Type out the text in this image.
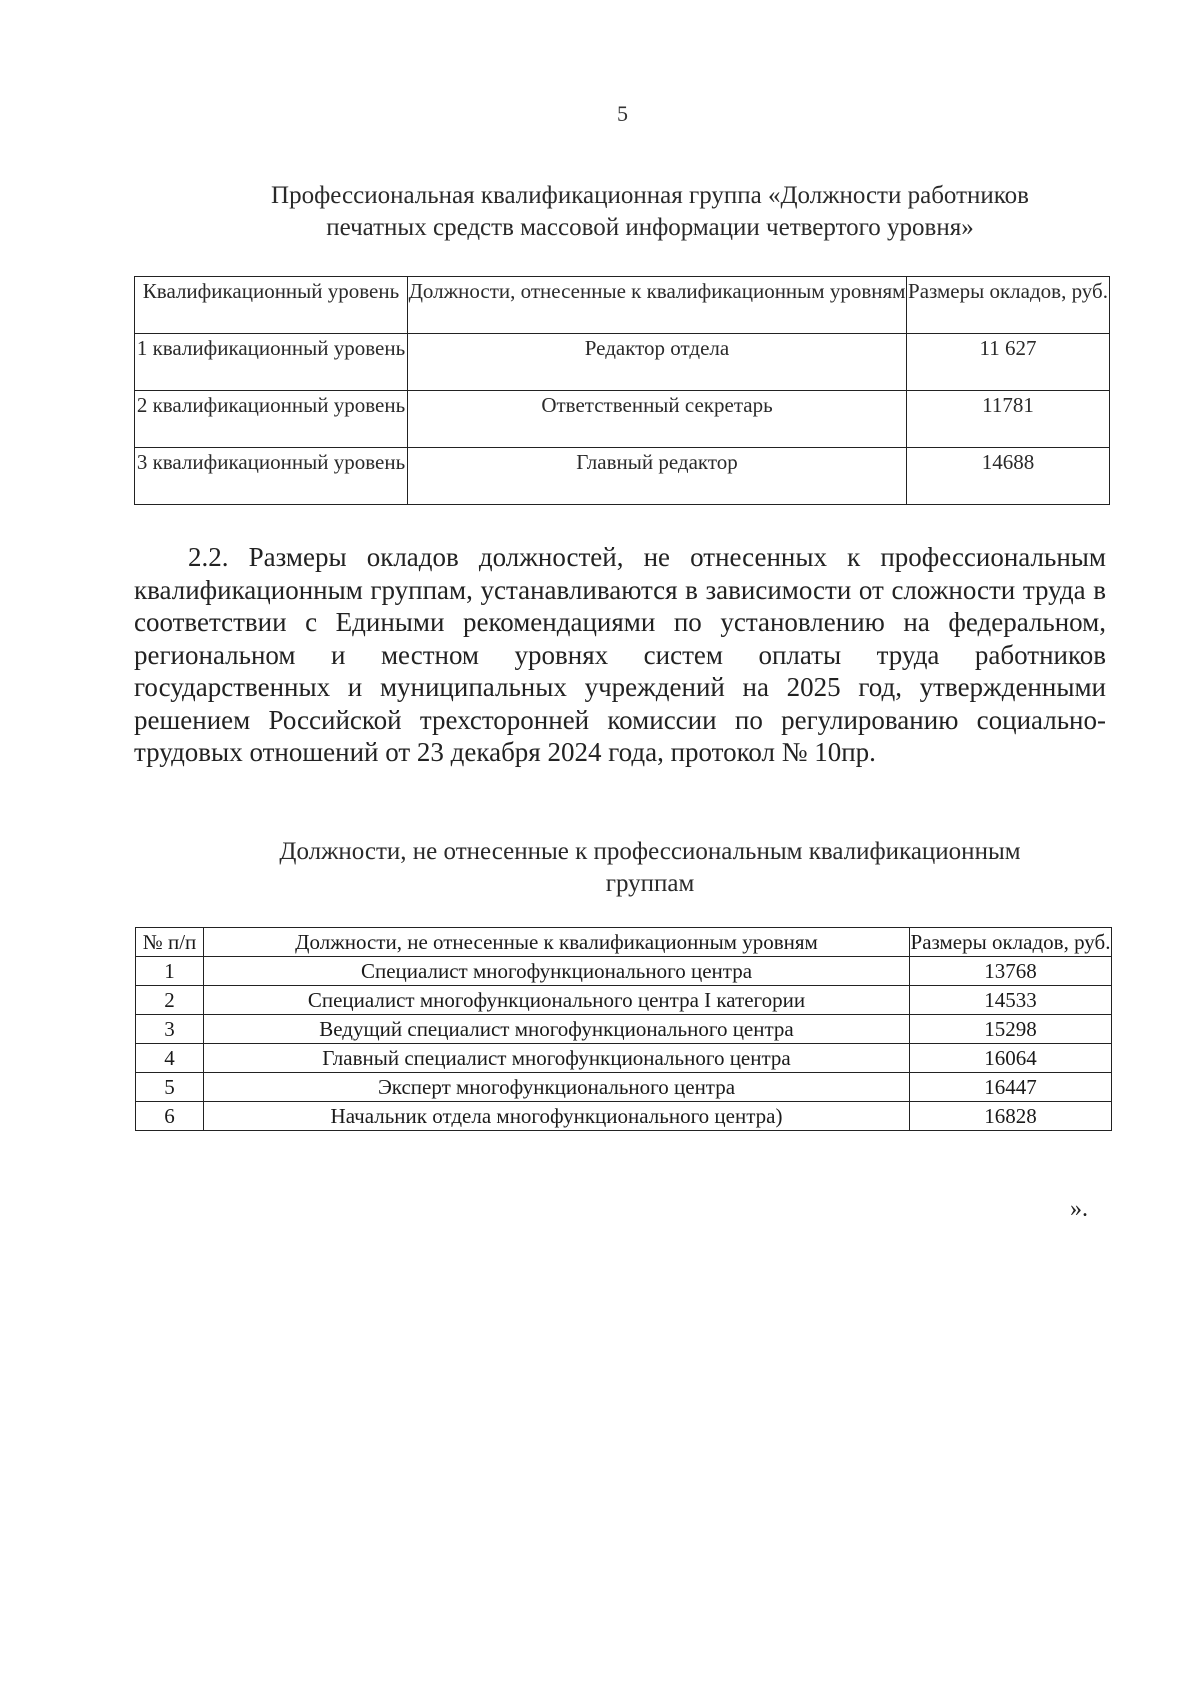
5
Профессиональная квалификационная группа «Должности работников
печатных средств массовой информации четвертого уровня»
Квалификационный уровень	Должности, отнесенные к квалификационным уровням	Размеры окладов, руб.
1 квалификационный уровень	Редактор отдела	11 627
2 квалификационный уровень	Ответственный секретарь	11781
3 квалификационный уровень	Главный редактор	14688
2.2. Размеры окладов должностей, не отнесенных к профессиональным квалификационным группам, устанавливаются в зависимости от сложности труда в соответствии с Едиными рекомендациями по установлению на федеральном, региональном и местном уровнях систем оплаты труда работников государственных и муниципальных учреждений на 2025 год, утвержденными решением Российской трехсторонней комиссии по регулированию социально-трудовых отношений от 23 декабря 2024 года, протокол № 10пр.
Должности, не отнесенные к профессиональным квалификационным
группам
№ п/п	Должности, не отнесенные к квалификационным уровням	Размеры окладов, руб.
1	Специалист многофункционального центра	13768
2	Специалист многофункционального центра I категории	14533
3	Ведущий специалист многофункционального центра	15298
4	Главный специалист многофункционального центра	16064
5	Эксперт многофункционального центра	16447
6	Начальник отдела многофункционального центра)	16828
».
